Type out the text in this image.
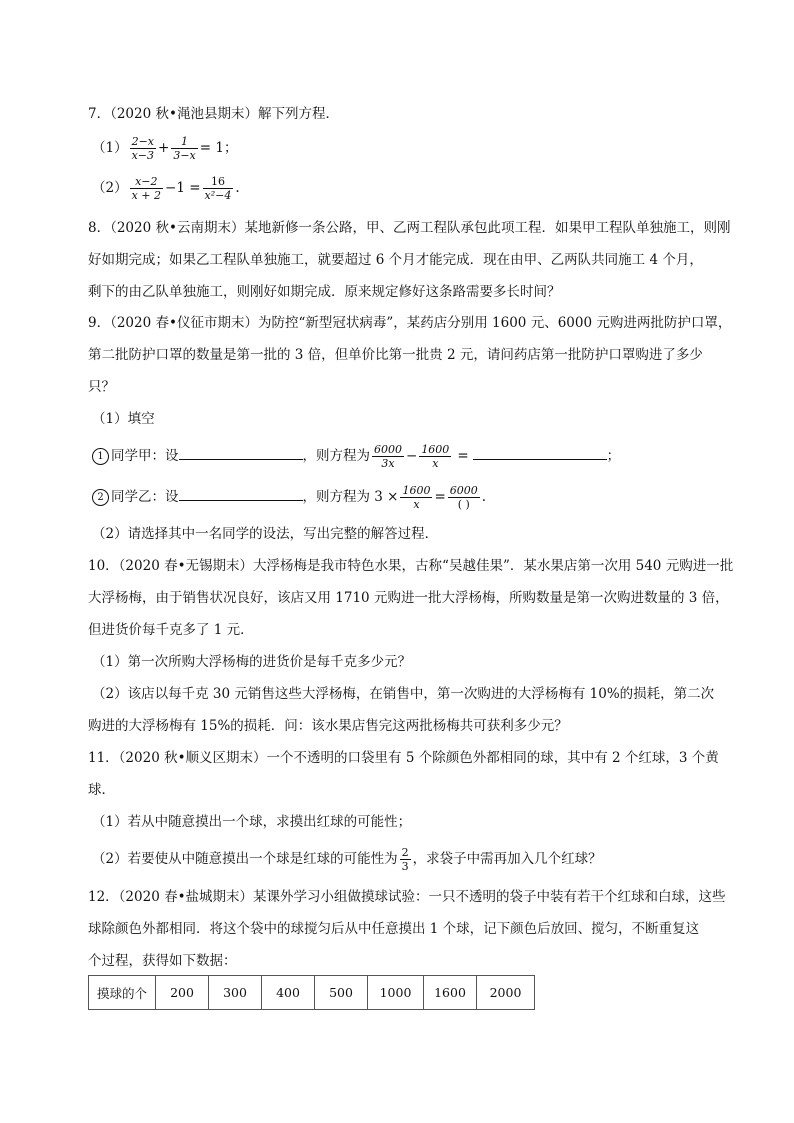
7．（2020 秋•渑池县期末）解下列方程．
$(1) \frac{2-x}{x-3} + \frac{1}{3-x} = 1$；
$(2) \frac{x-2}{x + 2} -1 = \frac{16}{\text{x²−4}}$ .
8．（2020 秋•云南期末）某地新修一条公路，甲、乙两工程队承包此项工程．如果甲工程队单独施工，则刚
好如期完成；如果乙工程队单独施工，就要超过 6 个月才能完成．现在由甲、乙两队共同施工 4 个月，
剩下的由乙队单独施工，则刚好如期完成．原来规定修好这条路需要多长时间？
9．（2020 春•仪征市期末）为防控“新型冠状病毒”，某药店分别用 1600 元、6000 元购进两批防护口罩，
第二批防护口罩的数量是第一批的 3 倍，但单价比第一批贵 2 元，请问药店第一批防护口罩购进了多少
只？
（1）填空
1 同学甲：设	，则方程为 $\frac{6000}{3x} - \frac{1600}{x}$ =	；
2 同学乙：设	，则方程为 $3 \times \frac{1600}{x} = \frac{6000}{( )}$ .
（2）请选择其中一名同学的设法，写出完整的解答过程．
10．（2020 春•无锡期末）大浮杨梅是我市特色水果，古称“吴越佳果”．某水果店第一次用 540 元购进一批
大浮杨梅，由于销售状况良好，该店又用 1710 元购进一批大浮杨梅，所购数量是第一次购进数量的 3 倍，
但进货价每千克多了 1 元．
（1）第一次所购大浮杨梅的进货价是每千克多少元？
（2）该店以每千克 30 元销售这些大浮杨梅，在销售中，第一次购进的大浮杨梅有 10%的损耗，第二次
购进的大浮杨梅有 15%的损耗．问：该水果店售完这两批杨梅共可获利多少元？
11．（2020 秋•顺义区期末）一个不透明的口袋里有 5 个除颜色外都相同的球，其中有 2 个红球，3 个黄
球．
（1）若从中随意摸出一个球，求摸出红球的可能性；
（2）若要使从中随意摸出一个球是红球的可能性为 $\frac{2}{3}$ ，求袋子中需再加入几个红球？
12．（2020 春•盐城期末）某课外学习小组做摸球试验：一只不透明的袋子中装有若干个红球和白球，这些
球除颜色外都相同．将这个袋中的球搅匀后从中任意摸出 1 个球，记下颜色后放回、搅匀，不断重复这
个过程，获得如下数据：
摸球的个	200	300	400	500	1000	1600	2000
